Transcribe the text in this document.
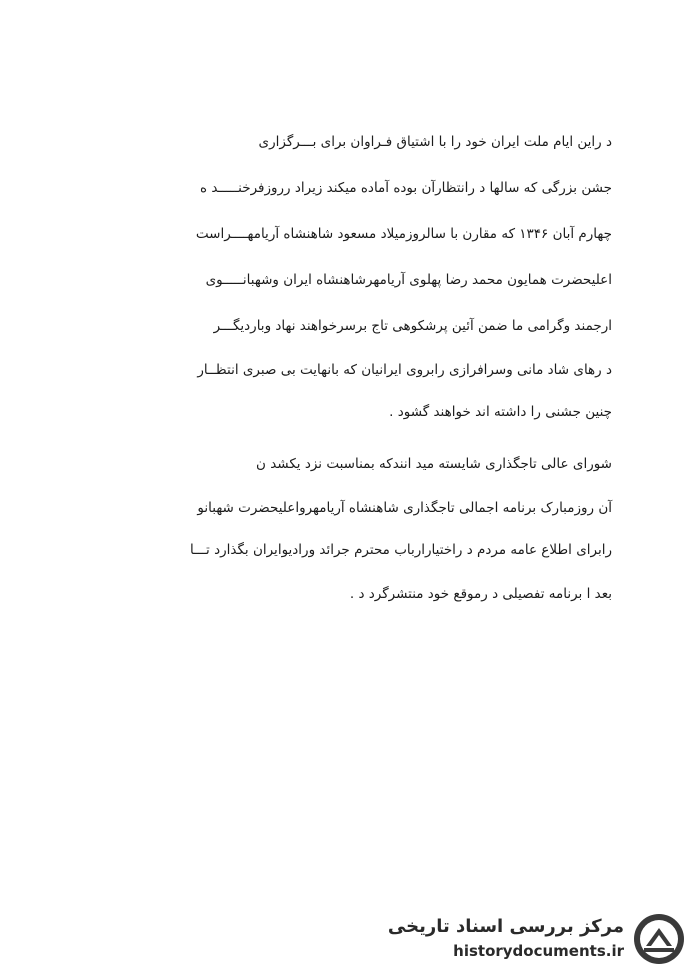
د راین ایام ملت ایران خود را با اشتیاق فـراوان برای بـــرگزاری
جشن بزرگی که سالها د رانتظارآن بوده آماده میکند زیراد رروزفرخنـــــد ه
چهارم آبان ۱۳۴۶ که مقارن با سالروزمیلاد مسعود شاهنشاه آریامهــــراست
اعلیحضرت همایون محمد رضا پهلوی آریامهرشاهنشاه ایران وشهبانـــــوی
ارجمند وگرامی ما ضمن آئین پرشکوهی تاج برسرخواهند نهاد وباردیگـــر
د رهای شاد مانی وسرافرازی رابروی ایرانیان که بانهایت بی صبری انتظــار
چنین جشنی را داشته اند خواهند گشود .
شورای عالی تاجگذاری شایسته مید انندکه بمناسبت نزد یکشد ن
آن روزمبارک برنامه اجمالی تاجگذاری شاهنشاه آریامهرواعلیحضرت شهبانو
رابرای اطلاع عامه مردم د راختیارارباب محترم جرائد ورادیوایران بگذارد تـــا
بعد ا برنامه تفصیلی د رموقع خود منتشرگرد د .
مرکز بررسی اسناد تاریخی
historydocuments.ir
